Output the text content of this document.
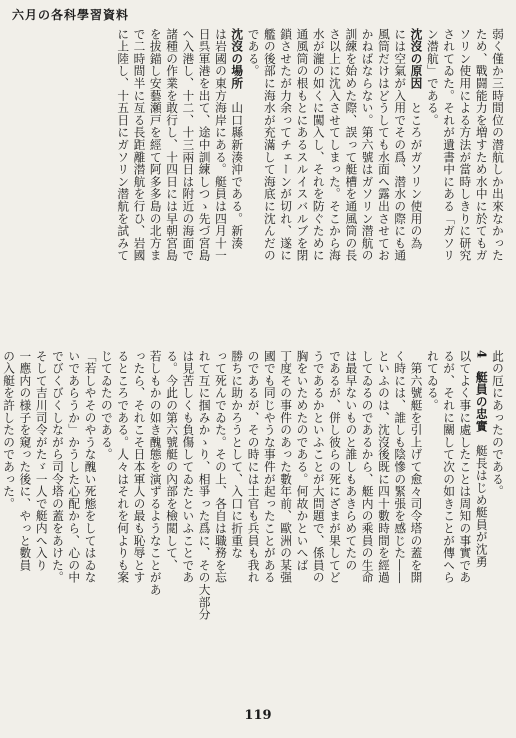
六月の各科學習資料
弱く僅か三時間位の潜航しか出來なかった
ため、戰闘能力を増すため水中に於てもガ
ソリン使用による方法が當時しきりに研究
されてゐた。それが遺書中にある「ガソリ
ン潜航」である。
沈沒の原因　ところがガソリン使用の為
には空氣が入用でその爲、潜水の際にも通
風筒だけはどうしても水面へ露出させてお
かねばならない。第六號はガソリン潜航の
訓練を始めた際、誤って艇槽を通風筒の長
さ以上に沈入させてしまった。そこから海
水が瀧の如くに闖入し、それを防ぐために
通風筒の根もとにあるスルイスバルブを閉
鎖させたが力余ってチェーンが切れ、遂に
艦の後部に海水が充滿して海底に沈んだの
である。
沈沒の場所　山口縣新湊沖である。新湊
は岩國の東方海岸にある。艇員は四月十一
日呉軍港を出て、途中訓練しつゝ先づ宮島
へ入港し、十二、十三兩日は附近の海面で
諸種の作業を敢行し、十四日には早朝宮島
を拔錨し安藝瀬戸を經て阿多多島の北方ま
で二時間半に亙る長距離潜航を行ひ、岩國
に上陸し、十五日にガソリン潜航を試みて
此の厄にあったのである。
4　艇員の忠實　艇長はじめ艇員が沈勇
以てよく事に處したことは周知の事實であ
るが、それに關して次の如きことが傳へら
れてゐる。
　第六號艇を引上げて愈々司令塔の蓋を開
く時には、誰しも陰慘の緊張を感じた――
といふのは、沈沒後既に四十數時間を經過
してゐるのであるから、艇内の乘員の生命
は最早ないものと誰しもあきらめてたの
であるが、併し彼らの死にざまが果してど
うであるかといふことが大問題で、係員の
胸をいためたのである。何故かといへば
丁度その事件のあった數年前、歐洲の某强
國でも同じやうな事件が起ったことがある
のであるが、その時には士官も兵員も我れ
勝ちに助かろうとして、入口に折重な
って死んでゐた。その上、各自は職務を忘
れて互に掴みかゝり、相爭った爲に、その大部分
は見苦しくも負傷してゐたといふことであ
る。今此の第六號艇の內部を檢閲して、
若しもかの如き醜態を演ずるようなことがあ
ったら、それこそ日本軍人の最も恥辱とす
るところである。人々はそれを何よりも案
じてゐたのである。
「若しやそのやうな醜い死態をしてはゐな
いであらうか」かうした心配から、心の中
でびくびくしながら司令塔の蓋をあけた。
そして吉川司令がたゞ一人で艇内へ入り
一應内の様子を窺った後に、やっと數員
の入艇を許したのであった。
119
